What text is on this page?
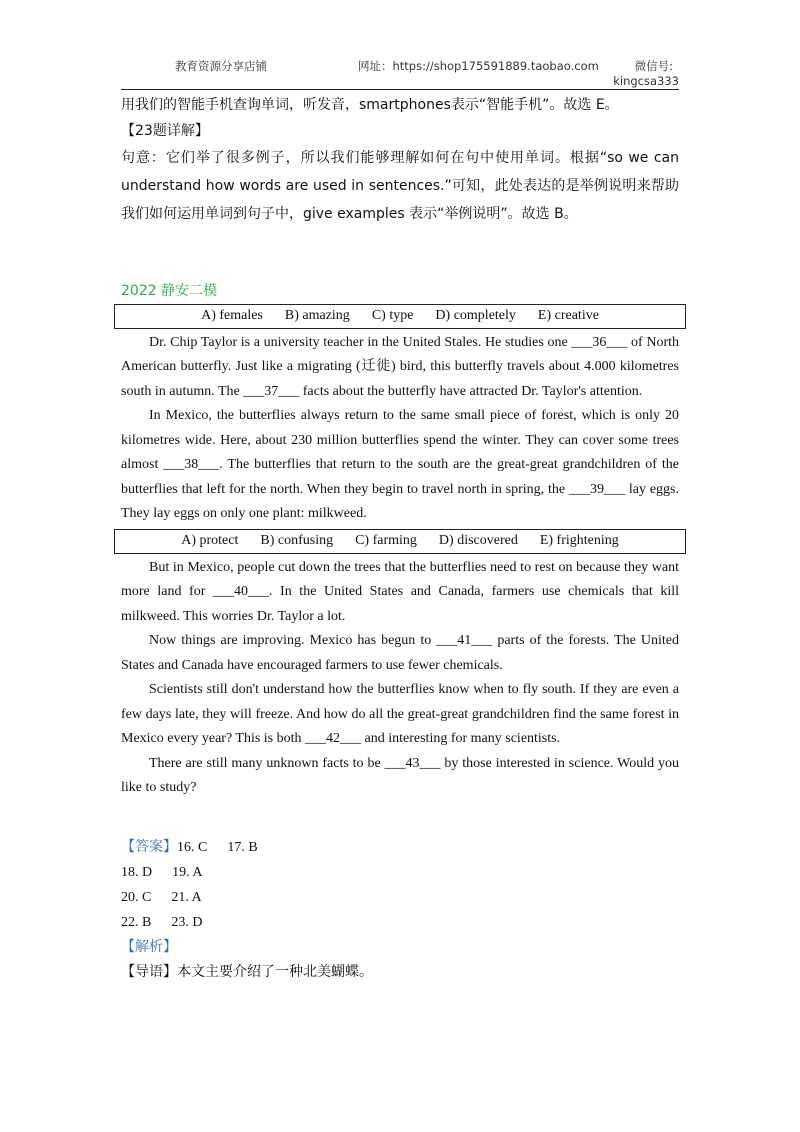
教育资源分享店铺	网址：https://shop175591889.taobao.com	微信号:
kingcsa333

用我们的智能手机查询单词，听发音，smartphones表示“智能手机”。故选 E。

【23题详解】

句意：它们举了很多例子，所以我们能够理解如何在句中使用单词。根据“so we can understand how words are used in sentences.”可知，此处表达的是举例说明来帮助我们如何运用单词到句子中，give examples 表示“举例说明”。故选 B。

2022 静安二模
A) females B) amazing C) type D) completely E) creative

Dr. Chip Taylor is a university teacher in the United Stales. He studies one ___36___ of North American butterfly. Just like a migrating (迁徙) bird, this butterfly travels about 4.000 kilometres south in autumn. The ___37___ facts about the butterfly have attracted Dr. Taylor's attention.

In Mexico, the butterflies always return to the same small piece of forest, which is only 20 kilometres wide. Here, about 230 million butterflies spend the winter. They can cover some trees almost ___38___. The butterflies that return to the south are the great-great grandchildren of the butterflies that left for the north. When they begin to travel north in spring, the ___39___ lay eggs. They lay eggs on only one plant: milkweed.

A) protect B) confusing C) farming D) discovered E) frightening

But in Mexico, people cut down the trees that the butterflies need to rest on because they want more land for ___40___. In the United States and Canada, farmers use chemicals that kill milkweed. This worries Dr. Taylor a lot.

Now things are improving. Mexico has begun to ___41___ parts of the forests. The United States and Canada have encouraged farmers to use fewer chemicals.

Scientists still don't understand how the butterflies know when to fly south. If they are even a few days late, they will freeze. And how do all the great-great grandchildren find the same forest in Mexico every year? This is both ___42___ and interesting for many scientists.

There are still many unknown facts to be ___43___ by those interested in science. Would you like to study?

【答案】16. C 17. B
18. D 19. A
20. C 21. A
22. B 23. D
【解析】
【导语】本文主要介绍了一种北美蝴蝶。
